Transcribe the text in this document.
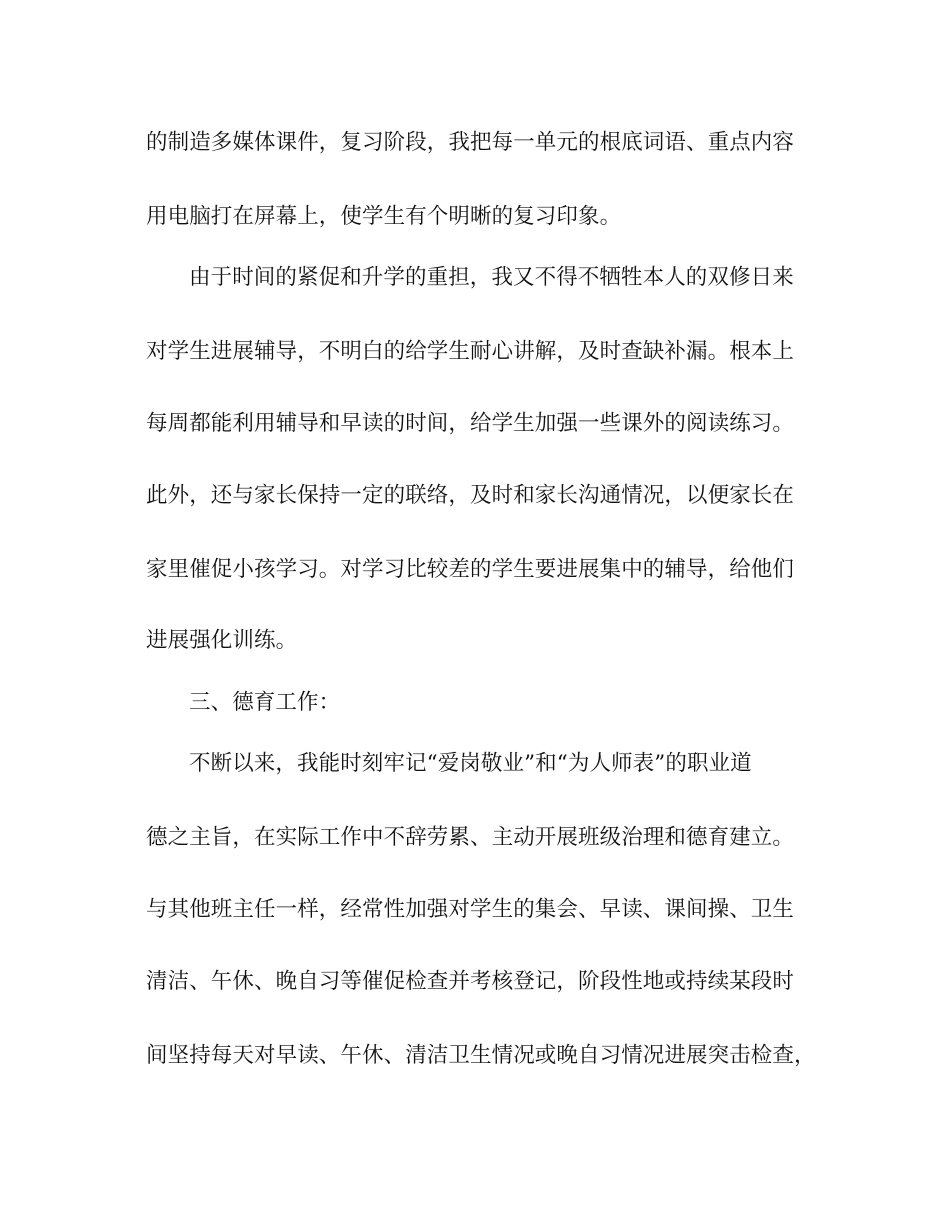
的制造多媒体课件，复习阶段，我把每一单元的根底词语、重点内容
用电脑打在屏幕上，使学生有个明晰的复习印象。
由于时间的紧促和升学的重担，我又不得不牺牲本人的双修日来
对学生进展辅导，不明白的给学生耐心讲解，及时查缺补漏。根本上
每周都能利用辅导和早读的时间，给学生加强一些课外的阅读练习。
此外，还与家长保持一定的联络，及时和家长沟通情况，以便家长在
家里催促小孩学习。对学习比较差的学生要进展集中的辅导，给他们
进展强化训练。
三、德育工作：
不断以来，我能时刻牢记“爱岗敬业”和“为人师表”的职业道
德之主旨，在实际工作中不辞劳累、主动开展班级治理和德育建立。
与其他班主任一样，经常性加强对学生的集会、早读、课间操、卫生
清洁、午休、晚自习等催促检查并考核登记，阶段性地或持续某段时
间坚持每天对早读、午休、清洁卫生情况或晚自习情况进展突击检查，
